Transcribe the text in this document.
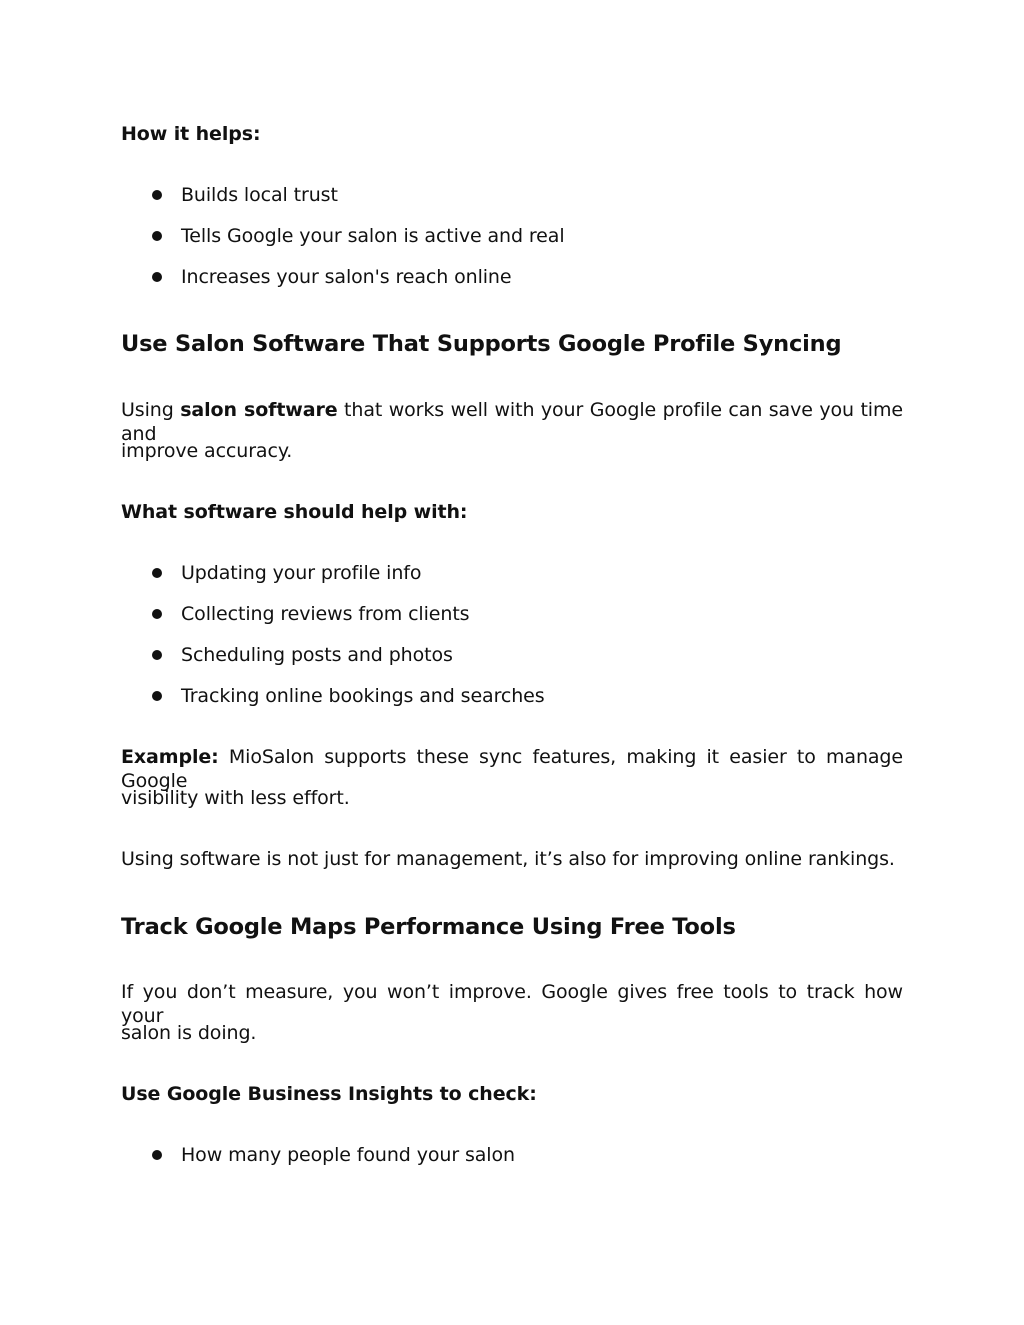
How it helps:
Builds local trust
Tells Google your salon is active and real
Increases your salon's reach online
Use Salon Software That Supports Google Profile Syncing
Using salon software that works well with your Google profile can save you time and
improve accuracy.
What software should help with:
Updating your profile info
Collecting reviews from clients
Scheduling posts and photos
Tracking online bookings and searches
Example: MioSalon supports these sync features, making it easier to manage Google
visibility with less effort.
Using software is not just for management, it’s also for improving online rankings.
Track Google Maps Performance Using Free Tools
If you don’t measure, you won’t improve. Google gives free tools to track how your
salon is doing.
Use Google Business Insights to check:
How many people found your salon
